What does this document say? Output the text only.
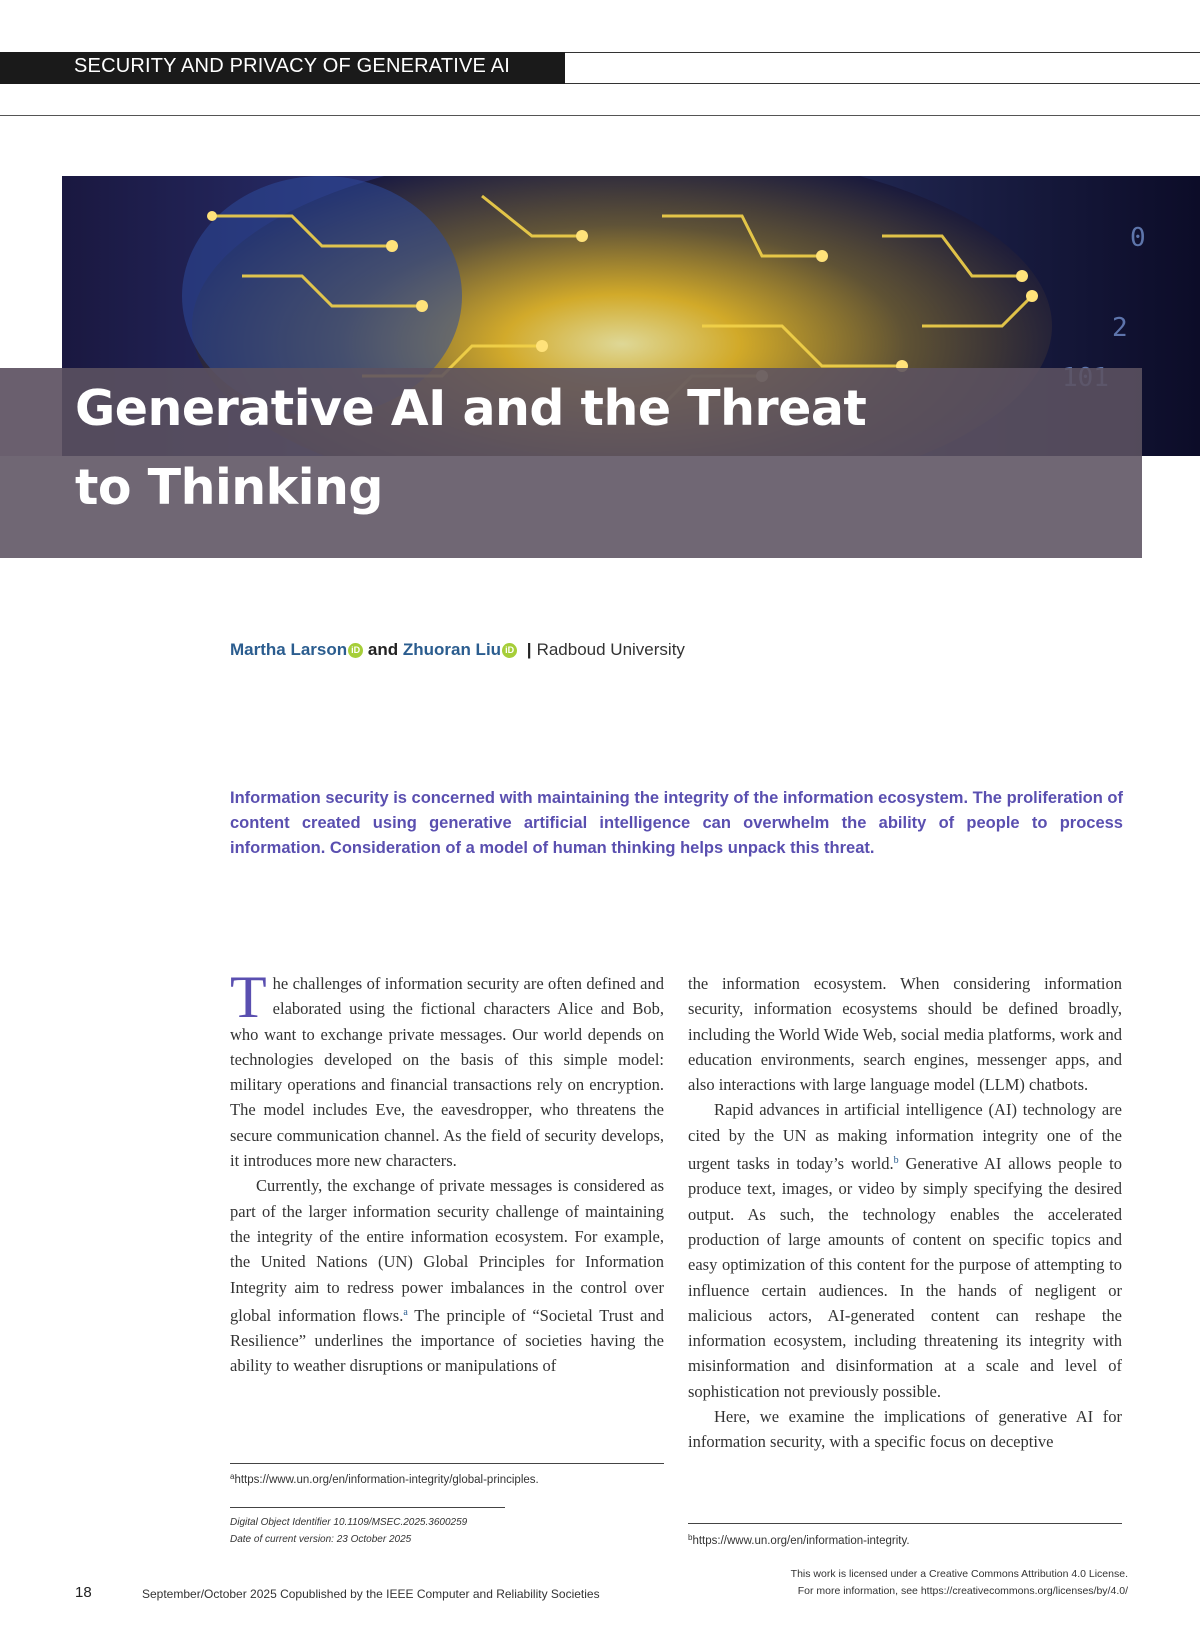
SECURITY AND PRIVACY OF GENERATIVE AI
2
0
Generative AI and the Threat
to Thinking
Martha Larson iD and Zhuoran Liu iD | Radboud University
Information security is concerned with maintaining the integrity of the information ecosystem. The proliferation of content created using generative artificial intelligence can overwhelm the ability of people to process information. Consideration of a model of human thinking helps unpack this threat.

The challenges of information security are often defined and elaborated using the fictional characters Alice and Bob, who want to exchange private messages. Our world depends on technologies developed on the basis of this simple model: military operations and financial transactions rely on encryption. The model includes Eve, the eavesdropper, who threatens the secure communication channel. As the field of security develops, it introduces more new characters.

Currently, the exchange of private messages is considered as part of the larger information security challenge of maintaining the integrity of the entire information ecosystem. For example, the United Nations (UN) Global Principles for Information Integrity aim to redress power imbalances in the control over global information flows.$^a$ The principle of “Societal Trust and Resilience” underlines the importance of societies having the ability to weather disruptions or manipulations of

the information ecosystem. When considering information security, information ecosystems should be defined broadly, including the World Wide Web, social media platforms, work and education environments, search engines, messenger apps, and also interactions with large language model (LLM) chatbots.

Rapid advances in artificial intelligence (AI) technology are cited by the UN as making information integrity one of the urgent tasks in today’s world.$^b$ Generative AI allows people to produce text, images, or video by simply specifying the desired output. As such, the technology enables the accelerated production of large amounts of content on specific topics and easy optimization of this content for the purpose of attempting to influence certain audiences. In the hands of negligent or malicious actors, AI-generated content can reshape the information ecosystem, including threatening its integrity with misinformation and disinformation at a scale and level of sophistication not previously possible.

Here, we examine the implications of generative AI for information security, with a specific focus on deceptive

$^a$https://www.un.org/en/information-integrity/global-principles.
$^b$https://www.un.org/en/information-integrity.
Digital Object Identifier 10.1109/MSEC.2025.3600259
Date of current version: 23 October 2025
18	September/October 2025 Copublished by the IEEE Computer and Reliability Societies
This work is licensed under a Creative Commons Attribution 4.0 License.
For more information, see https://creativecommons.org/licenses/by/4.0/
